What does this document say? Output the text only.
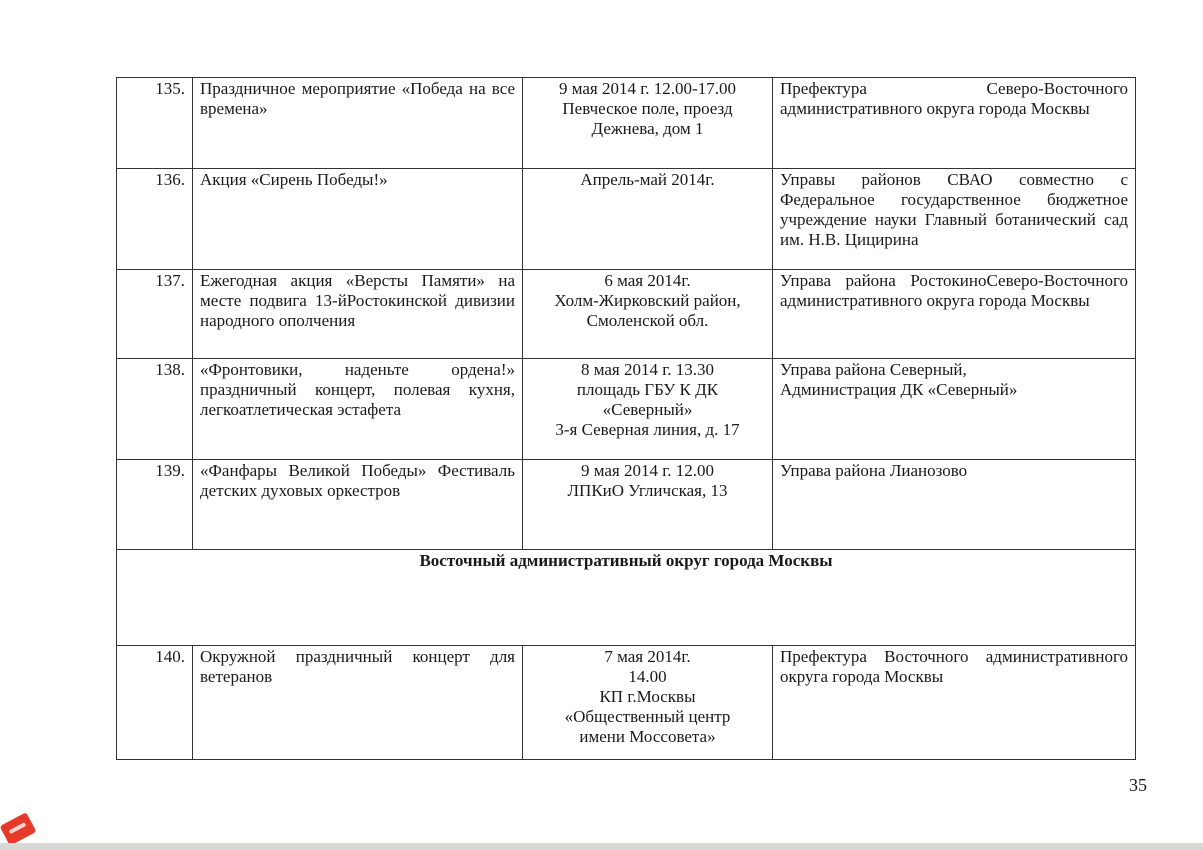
135.	Праздничное мероприятие «Победа на все времена»	9 мая 2014 г. 12.00-17.00
Певческое поле, проезд
Дежнева, дом 1	Префектура Северо-Восточного административного округа города Москвы
136.	Акция «Сирень Победы!»	Апрель-май 2014г.	Управы районов СВАО совместно с Федеральное государственное бюджетное учреждение науки Главный ботанический сад им. Н.В. Цицирина
137.	Ежегодная акция «Версты Памяти» на месте подвига 13-йРостокинской дивизии народного ополчения	6 мая 2014г.
Холм-Жирковский район,
Смоленской обл.	Управа района РостокиноСеверо-Восточного административного округа города Москвы
138.	«Фронтовики, наденьте ордена!» праздничный концерт, полевая кухня, легкоатлетическая эстафета	8 мая 2014 г. 13.30
площадь ГБУ К ДК
«Северный»
3-я Северная линия, д. 17	Управа района Северный,
Администрация ДК «Северный»

139.	«Фанфары Великой Победы» Фестиваль детских духовых оркестров	9 мая 2014 г. 12.00
ЛПКиО Угличская, 13	Управа района Лианозово

Восточный административный округ города Москвы			
140.	Окружной праздничный концерт для ветеранов	7 мая 2014г.
14.00
КП г.Москвы
«Общественный центр
имени Моссовета»	Префектура Восточного административного округа города Москвы
35
